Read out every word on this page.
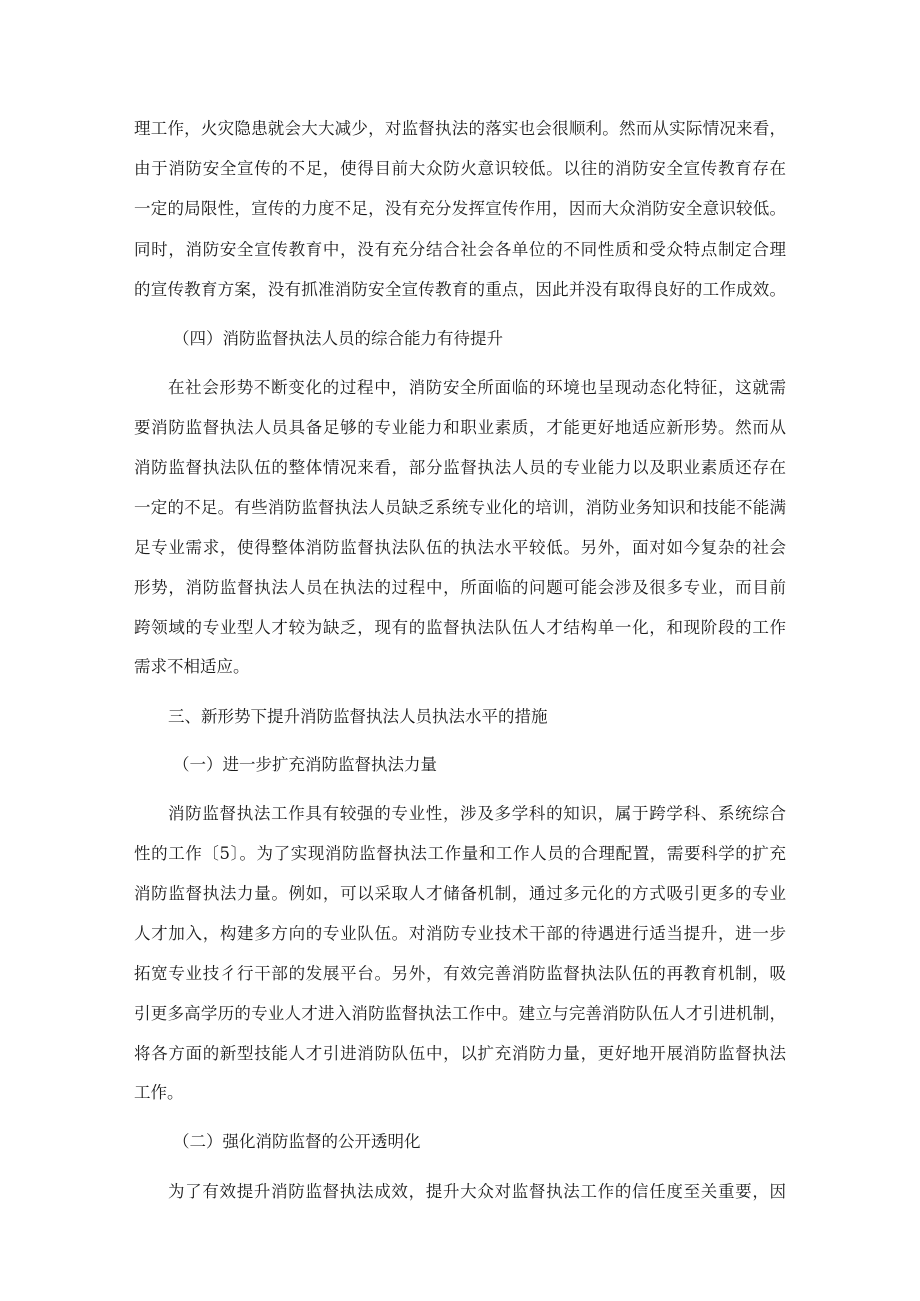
理工作，火灾隐患就会大大减少，对监督执法的落实也会很顺利。然而从实际情况来看，

由于消防安全宣传的不足，使得目前大众防火意识较低。以往的消防安全宣传教育存在

一定的局限性，宣传的力度不足，没有充分发挥宣传作用，因而大众消防安全意识较低。

同时，消防安全宣传教育中，没有充分结合社会各单位的不同性质和受众特点制定合理

的宣传教育方案，没有抓准消防安全宣传教育的重点，因此并没有取得良好的工作成效。

（四）消防监督执法人员的综合能力有待提升

在社会形势不断变化的过程中，消防安全所面临的环境也呈现动态化特征，这就需

要消防监督执法人员具备足够的专业能力和职业素质，才能更好地适应新形势。然而从

消防监督执法队伍的整体情况来看，部分监督执法人员的专业能力以及职业素质还存在

一定的不足。有些消防监督执法人员缺乏系统专业化的培训，消防业务知识和技能不能满

足专业需求，使得整体消防监督执法队伍的执法水平较低。另外，面对如今复杂的社会

形势，消防监督执法人员在执法的过程中，所面临的问题可能会涉及很多专业，而目前

跨领域的专业型人才较为缺乏，现有的监督执法队伍人才结构单一化，和现阶段的工作

需求不相适应。

三、新形势下提升消防监督执法人员执法水平的措施

（一）进一步扩充消防监督执法力量

消防监督执法工作具有较强的专业性，涉及多学科的知识，属于跨学科、系统综合

性的工作〔5〕。为了实现消防监督执法工作量和工作人员的合理配置，需要科学的扩充

消防监督执法力量。例如，可以采取人才储备机制，通过多元化的方式吸引更多的专业

人才加入，构建多方向的专业队伍。对消防专业技术干部的待遇进行适当提升，进一步

拓宽专业技彳行干部的发展平台。另外，有效完善消防监督执法队伍的再教育机制，吸

引更多高学历的专业人才进入消防监督执法工作中。建立与完善消防队伍人才引进机制，

将各方面的新型技能人才引进消防队伍中，以扩充消防力量，更好地开展消防监督执法

工作。

（二）强化消防监督的公开透明化

为了有效提升消防监督执法成效，提升大众对监督执法工作的信任度至关重要，因
